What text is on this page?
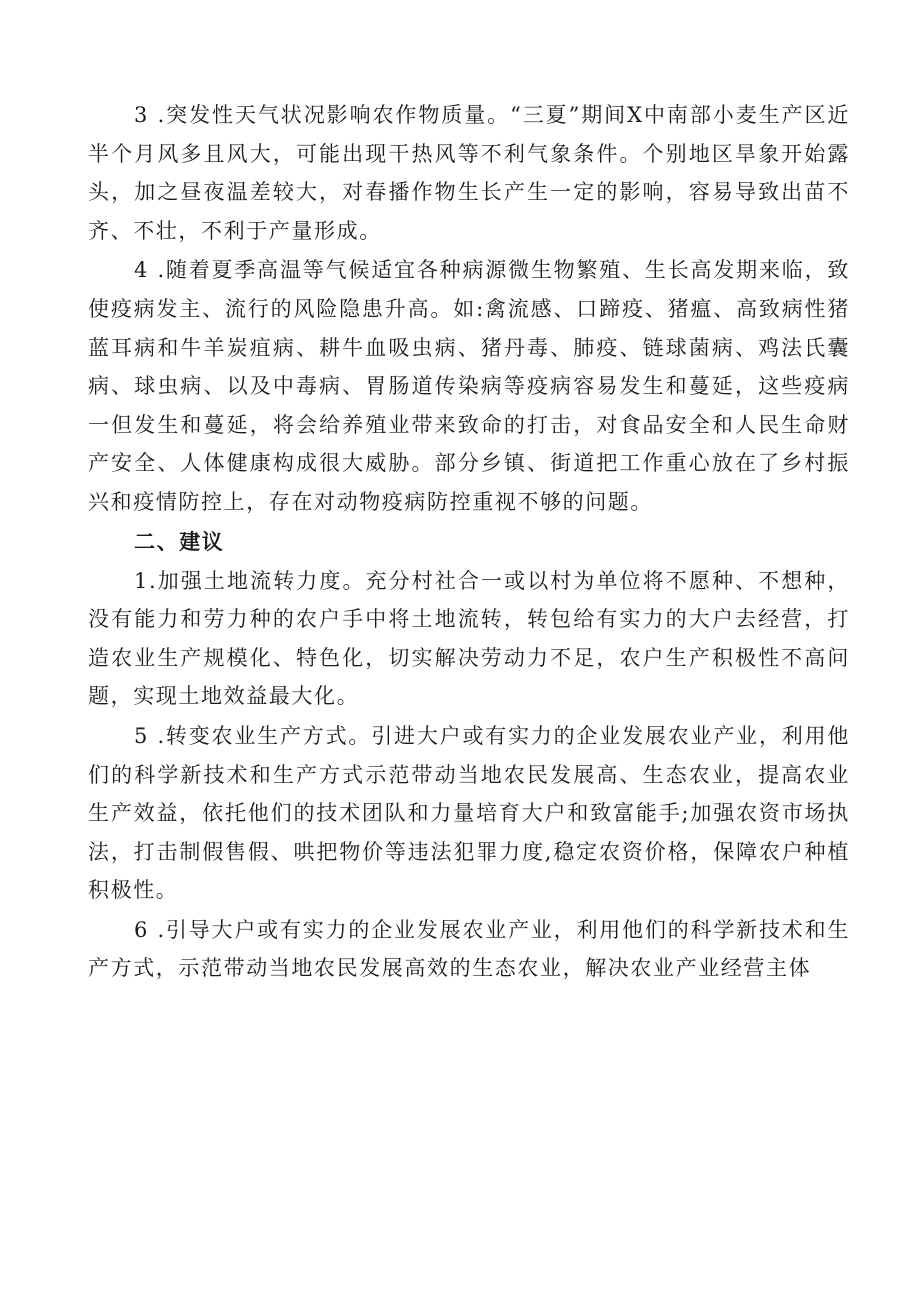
3 .突发性天气状况影响农作物质量。“三夏”期间X中南部小麦生产区近半个月风多且风大，可能出现干热风等不利气象条件。个别地区旱象开始露头，加之昼夜温差较大，对春播作物生长产生一定的影响，容易导致出苗不齐、不壮，不利于产量形成。

4 .随着夏季高温等气候适宜各种病源微生物繁殖、生长高发期来临，致使疫病发主、流行的风险隐患升高。如:禽流感、口蹄疫、猪瘟、高致病性猪蓝耳病和牛羊炭疽病、耕牛血吸虫病、猪丹毒、肺疫、链球菌病、鸡法氏囊病、球虫病、以及中毒病、胃肠道传染病等疫病容易发生和蔓延，这些疫病一但发生和蔓延，将会给养殖业带来致命的打击，对食品安全和人民生命财产安全、人体健康构成很大威胁。部分乡镇、街道把工作重心放在了乡村振兴和疫情防控上，存在对动物疫病防控重视不够的问题。

二、建议

1.加强土地流转力度。充分村社合一或以村为单位将不愿种、不想种，没有能力和劳力种的农户手中将土地流转，转包给有实力的大户去经营，打造农业生产规模化、特色化，切实解决劳动力不足，农户生产积极性不高问题，实现土地效益最大化。

5 .转变农业生产方式。引进大户或有实力的企业发展农业产业，利用他们的科学新技术和生产方式示范带动当地农民发展高、生态农业，提高农业生产效益，依托他们的技术团队和力量培育大户和致富能手;加强农资市场执法，打击制假售假、哄把物价等违法犯罪力度,稳定农资价格，保障农户种植积极性。

6 .引导大户或有实力的企业发展农业产业，利用他们的科学新技术和生产方式，示范带动当地农民发展高效的生态农业，解决农业产业经营主体
